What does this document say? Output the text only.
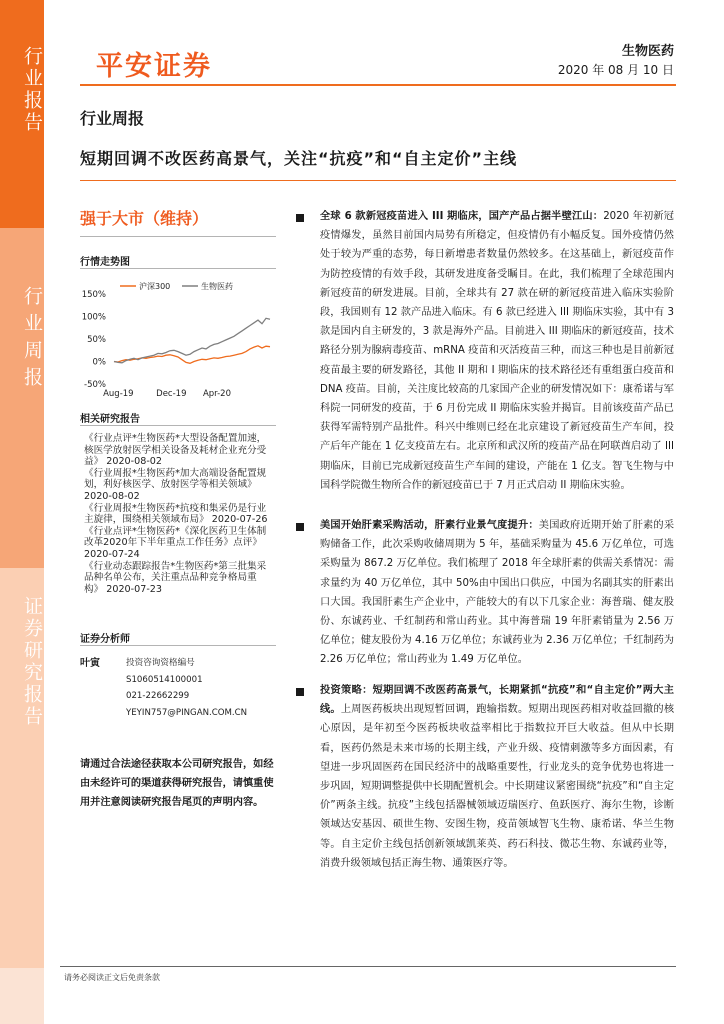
行业报告
行业周报
证券研究报告
平安证券	生物医药
2020 年 08 月 10 日
行业周报
短期回调不改医药高景气，关注“抗疫”和“自主定价”主线
强于大市（维持）
行情走势图
150%
100%
50%
0%
-50%
沪深300	生物医药
Aug-19	Dec-19 Apr-20
相关研究报告
《行业点评*生物医药*大型设备配置加速，核医学放射医学相关设备及耗材企业充分受益》 2020-08-02
《行业周报*生物医药*加大高端设备配置规划，利好核医学、放射医学等相关领域》 2020-08-02
《行业周报*生物医药*抗疫和集采仍是行业主旋律，围绕相关领域布局》 2020-07-26
《行业点评*生物医药*《深化医药卫生体制改革2020年下半年重点工作任务》点评》 2020-07-24
《行业动态跟踪报告*生物医药*第三批集采品种名单公布，关注重点品种竞争格局重构》 2020-07-23
证券分析师
叶寅	投资咨询资格编号
S1060514100001
021-22662299
YEYIN757@PINGAN.COM.CN
请通过合法途径获取本公司研究报告，如经由未经许可的渠道获得研究报告，请慎重使用并注意阅读研究报告尾页的声明内容。
全球 6 款新冠疫苗进入 III 期临床，国产产品占据半壁江山：2020 年初新冠疫情爆发，虽然目前国内局势有所稳定，但疫情仍有小幅反复。国外疫情仍然处于较为严重的态势，每日新增患者数量仍然较多。在这基础上，新冠疫苗作为防控疫情的有效手段，其研发进度备受瞩目。在此，我们梳理了全球范围内新冠疫苗的研发进展。目前，全球共有 27 款在研的新冠疫苗进入临床实验阶段，我国则有 12 款产品进入临床。有 6 款已经进入 III 期临床实验，其中有 3 款是国内自主研发的，3 款是海外产品。目前进入 III 期临床的新冠疫苗，技术路径分别为腺病毒疫苗、mRNA 疫苗和灭活疫苗三种，而这三种也是目前新冠疫苗最主要的研发路径，其他 II 期和 I 期临床的技术路径还有重组蛋白疫苗和 DNA 疫苗。目前，关注度比较高的几家国产企业的研发情况如下：康希诺与军科院一同研发的疫苗，于 6 月份完成 II 期临床实验并揭盲。目前该疫苗产品已获得军需特别产品批件。科兴中维则已经在北京建设了新冠疫苗生产车间，投产后年产能在 1 亿支疫苗左右。北京所和武汉所的疫苗产品在阿联酋启动了 III 期临床，目前已完成新冠疫苗生产车间的建设，产能在 1 亿支。智飞生物与中国科学院微生物所合作的新冠疫苗已于 7 月正式启动 II 期临床实验。
美国开始肝素采购活动，肝素行业景气度提升：美国政府近期开始了肝素的采购储备工作，此次采购收储周期为 5 年，基础采购量为 45.6 万亿单位，可选采购量为 867.2 万亿单位。我们梳理了 2018 年全球肝素的供需关系情况：需求量约为 40 万亿单位，其中 50%由中国出口供应，中国为名副其实的肝素出口大国。我国肝素生产企业中，产能较大的有以下几家企业：海普瑞、健友股份、东诚药业、千红制药和常山药业。其中海普瑞 19 年肝素销量为 2.56 万亿单位；健友股份为 4.16 万亿单位；东诚药业为 2.36 万亿单位；千红制药为 2.26 万亿单位；常山药业为 1.49 万亿单位。
投资策略：短期回调不改医药高景气，长期紧抓“抗疫”和“自主定价”两大主线。上周医药板块出现短暂回调，跑输指数。短期出现医药相对收益回撤的核心原因，是年初至今医药板块收益率相比于指数拉开巨大收益。但从中长期看，医药仍然是未来市场的长期主线，产业升级、疫情刺激等多方面因素，有望进一步巩固医药在国民经济中的战略重要性，行业龙头的竞争优势也将进一步巩固，短期调整提供中长期配置机会。中长期建议紧密围绕“抗疫”和“自主定价”两条主线。抗疫”主线包括器械领域迈瑞医疗、鱼跃医疗、海尔生物，诊断领域达安基因、硕世生物、安图生物，疫苗领域智飞生物、康希诺、华兰生物等。自主定价主线包括创新领域凯莱英、药石科技、微芯生物、东诚药业等，消费升级领域包括正海生物、通策医疗等。
请务必阅读正文后免责条款
